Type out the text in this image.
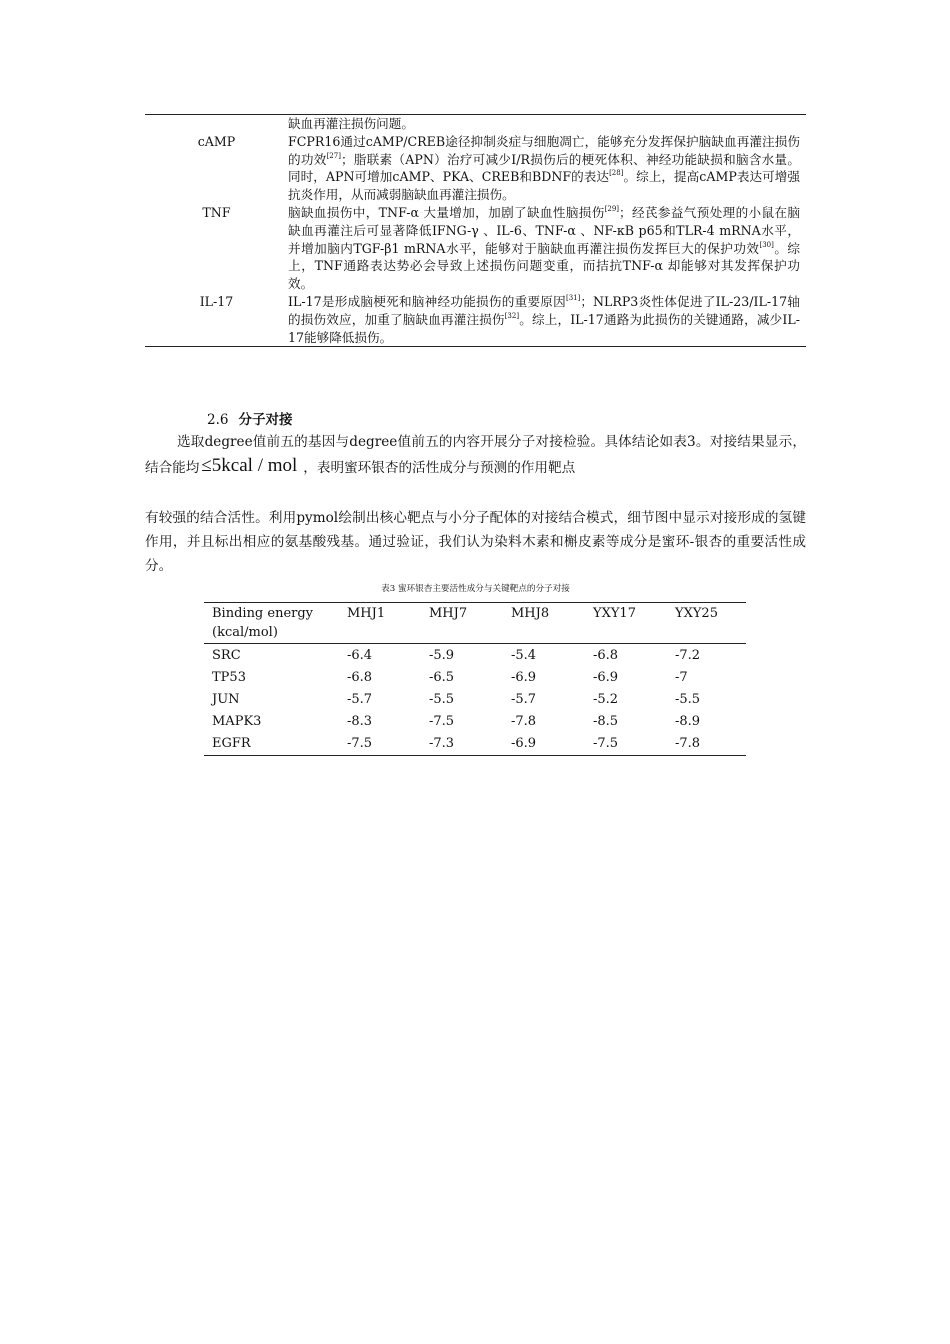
缺血再灌注损伤问题。
cAMP	FCPR16通过cAMP/CREB途径抑制炎症与细胞凋亡，能够充分发挥保护脑缺血再灌注损伤的功效[27]；脂联素（APN）治疗可减少I/R损伤后的梗死体积、神经功能缺损和脑含水量。同时，APN可增加cAMP、PKA、CREB和BDNF的表达[28]。综上，提高cAMP表达可增强抗炎作用，从而减弱脑缺血再灌注损伤。
TNF	脑缺血损伤中，TNF-α 大量增加，加剧了缺血性脑损伤[29]；经芪参益气预处理的小鼠在脑缺血再灌注后可显著降低IFNG-γ 、IL-6、TNF-α 、NF-κB p65和TLR-4 mRNA水平，并增加脑内TGF-β1 mRNA水平，能够对于脑缺血再灌注损伤发挥巨大的保护功效[30]。综上，TNF通路表达势必会导致上述损伤问题变重，而拮抗TNF-α 却能够对其发挥保护功效。
IL-17	IL-17是形成脑梗死和脑神经功能损伤的重要原因[31]；NLRP3炎性体促进了IL-23/IL-17轴的损伤效应，加重了脑缺血再灌注损伤[32]。综上，IL-17通路为此损伤的关键通路，减少IL-17能够降低损伤。
2.6 分子对接
选取degree值前五的基因与degree值前五的内容开展分子对接检验。具体结论如表3。对接结果显示，结合能均 ≤5kcal / mol ，表明蜜环银杏的活性成分与预测的作用靶点
有较强的结合活性。利用pymol绘制出核心靶点与小分子配体的对接结合模式，细节图中显示对接形成的氢键作用，并且标出相应的氨基酸残基。通过验证，我们认为染料木素和槲皮素等成分是蜜环-银杏的重要活性成分。
表3 蜜环银杏主要活性成分与关键靶点的分子对接
Binding energy
(kcal/mol)	MHJ1	MHJ7	MHJ8	YXY17	YXY25
SRC	-6.4	-5.9	-5.4	-6.8	-7.2
TP53	-6.8	-6.5	-6.9	-6.9	-7
JUN	-5.7	-5.5	-5.7	-5.2	-5.5
MAPK3	-8.3	-7.5	-7.8	-8.5	-8.9
EGFR	-7.5	-7.3	-6.9	-7.5	-7.8
